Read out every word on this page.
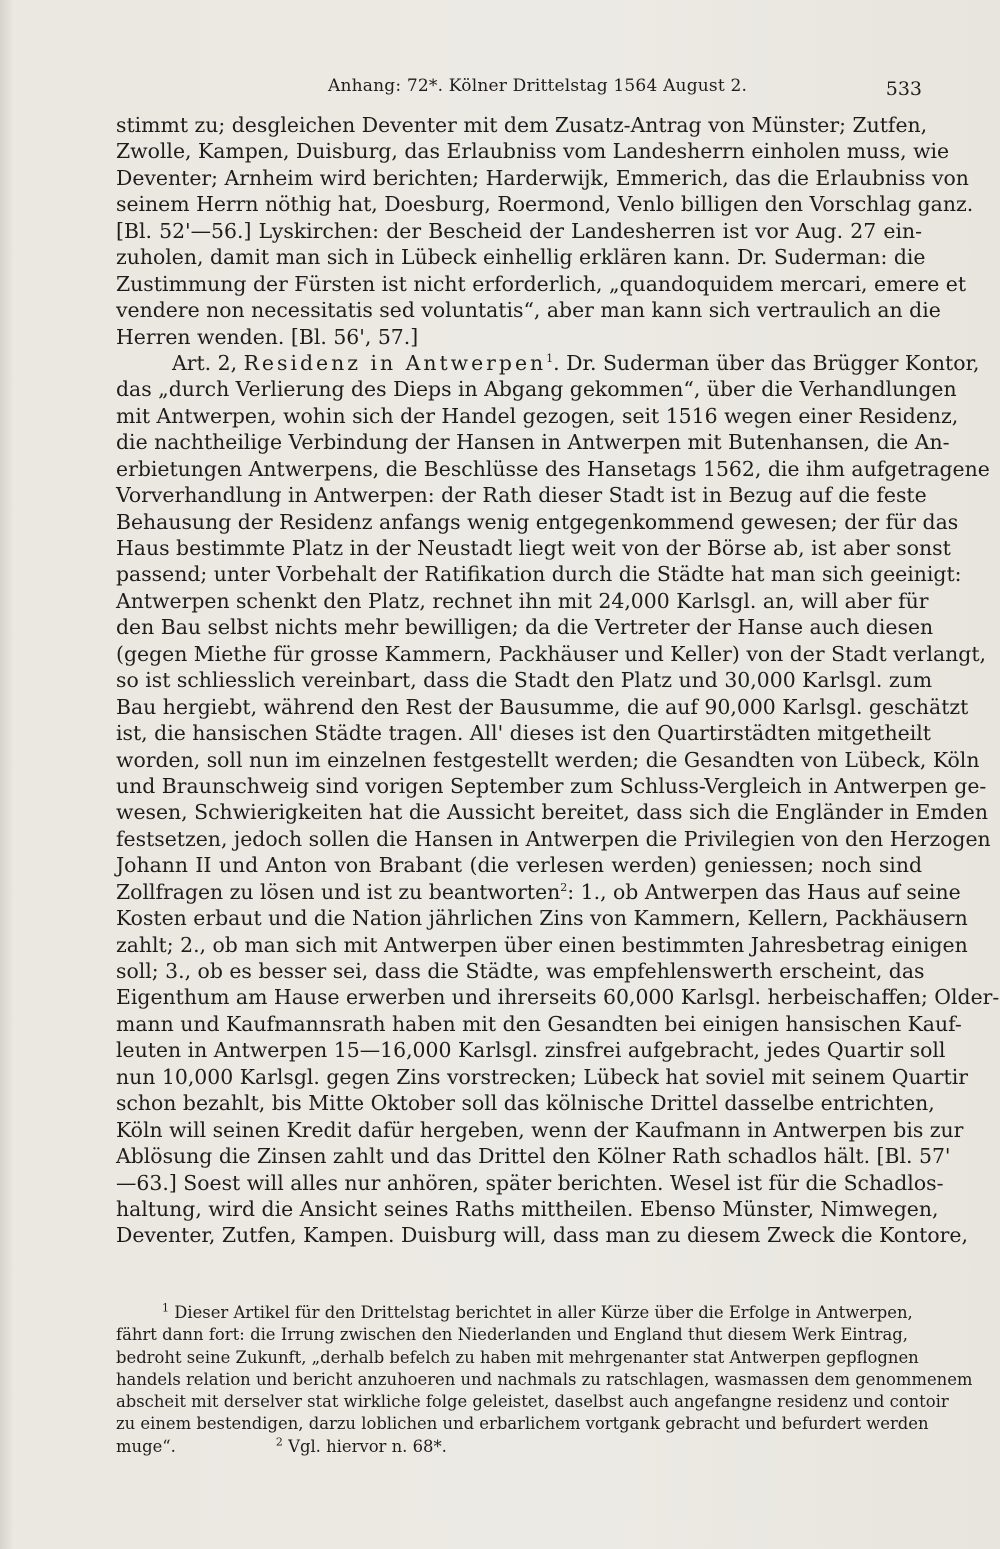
Anhang: 72*. Kölner Drittelstag 1564 August 2.	533
stimmt zu; desgleichen Deventer mit dem Zusatz-Antrag von Münster; Zutfen,
Zwolle, Kampen, Duisburg, das Erlaubniss vom Landesherrn einholen muss, wie
Deventer; Arnheim wird berichten; Harderwijk, Emmerich, das die Erlaubniss von
seinem Herrn nöthig hat, Doesburg, Roermond, Venlo billigen den Vorschlag ganz.
[Bl. 52'—56.] Lyskirchen: der Bescheid der Landesherren ist vor Aug. 27 ein-
zuholen, damit man sich in Lübeck einhellig erklären kann. Dr. Suderman: die
Zustimmung der Fürsten ist nicht erforderlich, „quandoquidem mercari, emere et
vendere non necessitatis sed voluntatis“, aber man kann sich vertraulich an die
Herren wenden. [Bl. 56', 57.]
Art. 2, Residenz in Antwerpen$^1$. Dr. Suderman über das Brügger Kontor,
das „durch Verlierung des Dieps in Abgang gekommen“, über die Verhandlungen
mit Antwerpen, wohin sich der Handel gezogen, seit 1516 wegen einer Residenz,
die nachtheilige Verbindung der Hansen in Antwerpen mit Butenhansen, die An-
erbietungen Antwerpens, die Beschlüsse des Hansetags 1562, die ihm aufgetragene
Vorverhandlung in Antwerpen: der Rath dieser Stadt ist in Bezug auf die feste
Behausung der Residenz anfangs wenig entgegenkommend gewesen; der für das
Haus bestimmte Platz in der Neustadt liegt weit von der Börse ab, ist aber sonst
passend; unter Vorbehalt der Ratifikation durch die Städte hat man sich geeinigt:
Antwerpen schenkt den Platz, rechnet ihn mit 24,000 Karlsgl. an, will aber für
den Bau selbst nichts mehr bewilligen; da die Vertreter der Hanse auch diesen
(gegen Miethe für grosse Kammern, Packhäuser und Keller) von der Stadt verlangt,
so ist schliesslich vereinbart, dass die Stadt den Platz und 30,000 Karlsgl. zum
Bau hergiebt, während den Rest der Bausumme, die auf 90,000 Karlsgl. geschätzt
ist, die hansischen Städte tragen. All' dieses ist den Quartirstädten mitgetheilt
worden, soll nun im einzelnen festgestellt werden; die Gesandten von Lübeck, Köln
und Braunschweig sind vorigen September zum Schluss-Vergleich in Antwerpen ge-
wesen, Schwierigkeiten hat die Aussicht bereitet, dass sich die Engländer in Emden
festsetzen, jedoch sollen die Hansen in Antwerpen die Privilegien von den Herzogen
Johann II und Anton von Brabant (die verlesen werden) geniessen; noch sind
Zollfragen zu lösen und ist zu beantworten$^2$: 1., ob Antwerpen das Haus auf seine
Kosten erbaut und die Nation jährlichen Zins von Kammern, Kellern, Packhäusern
zahlt; 2., ob man sich mit Antwerpen über einen bestimmten Jahresbetrag einigen
soll; 3., ob es besser sei, dass die Städte, was empfehlenswerth erscheint, das
Eigenthum am Hause erwerben und ihrerseits 60,000 Karlsgl. herbeischaffen; Older-
mann und Kaufmannsrath haben mit den Gesandten bei einigen hansischen Kauf-
leuten in Antwerpen 15—16,000 Karlsgl. zinsfrei aufgebracht, jedes Quartir soll
nun 10,000 Karlsgl. gegen Zins vorstrecken; Lübeck hat soviel mit seinem Quartir
schon bezahlt, bis Mitte Oktober soll das kölnische Drittel dasselbe entrichten,
Köln will seinen Kredit dafür hergeben, wenn der Kaufmann in Antwerpen bis zur
Ablösung die Zinsen zahlt und das Drittel den Kölner Rath schadlos hält. [Bl. 57'
—63.] Soest will alles nur anhören, später berichten. Wesel ist für die Schadlos-
haltung, wird die Ansicht seines Raths mittheilen. Ebenso Münster, Nimwegen,
Deventer, Zutfen, Kampen. Duisburg will, dass man zu diesem Zweck die Kontore,
$^1$ Dieser Artikel für den Drittelstag berichtet in aller Kürze über die Erfolge in Antwerpen,
fährt dann fort: die Irrung zwischen den Niederlanden und England thut diesem Werk Eintrag,
bedroht seine Zukunft, „derhalb befelch zu haben mit mehrgenanter stat Antwerpen gepflognen
handels relation und bericht anzuhoeren und nachmals zu ratschlagen, wasmassen dem genommenem
abscheit mit derselver stat wirkliche folge geleistet, daselbst auch angefangne residenz und contoir
zu einem bestendigen, darzu loblichen und erbarlichem vortgank gebracht und befurdert werden
muge“.	$^2$ Vgl. hiervor n. 68*.
